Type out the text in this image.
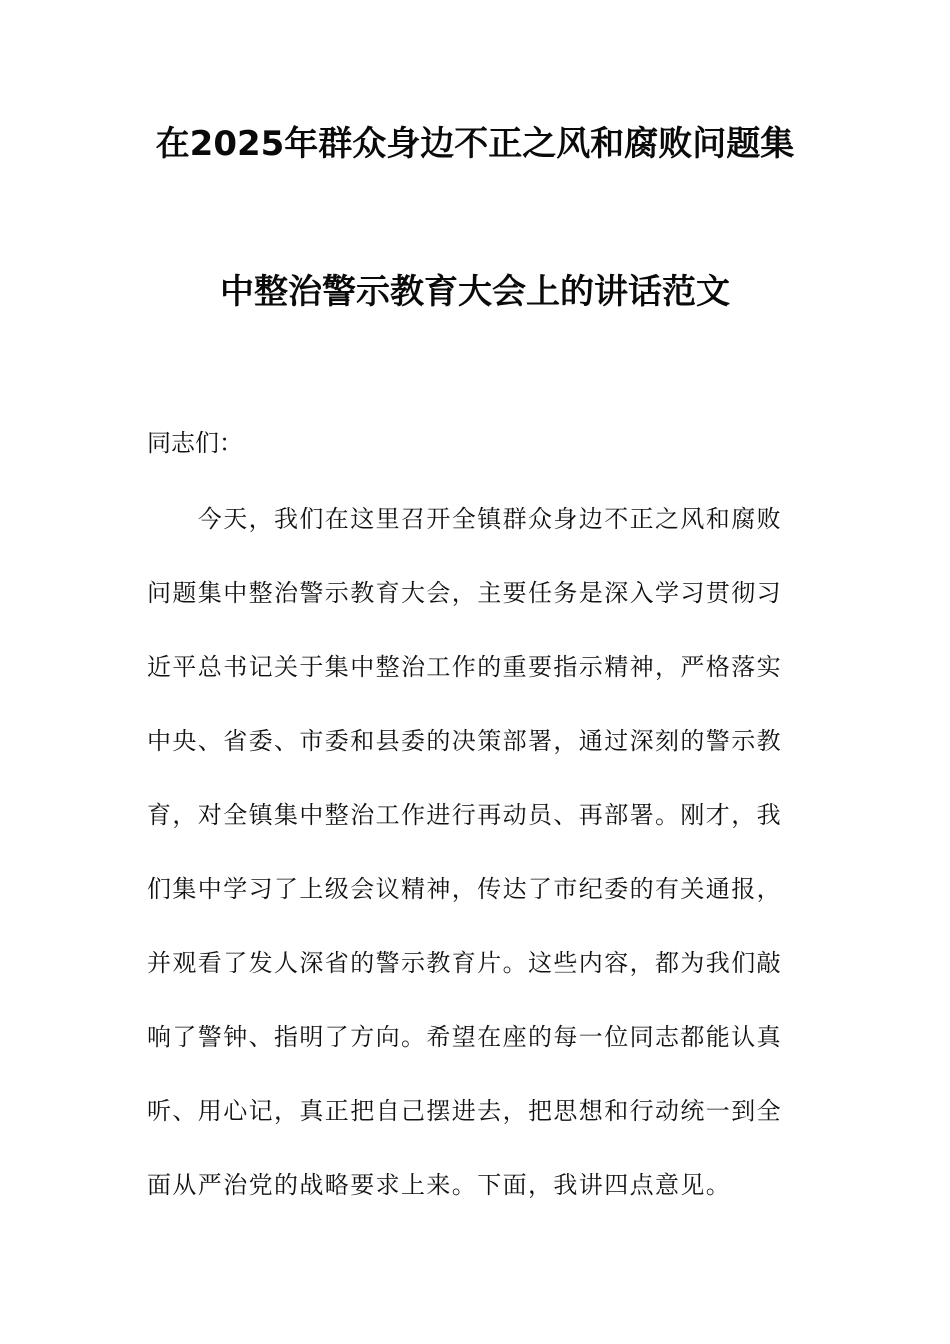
在2025年群众身边不正之风和腐败问题集
中整治警示教育大会上的讲话范文
同志们：
　　今天，我们在这里召开全镇群众身边不正之风和腐败
问题集中整治警示教育大会，主要任务是深入学习贯彻习
近平总书记关于集中整治工作的重要指示精神，严格落实
中央、省委、市委和县委的决策部署，通过深刻的警示教
育，对全镇集中整治工作进行再动员、再部署。刚才，我
们集中学习了上级会议精神，传达了市纪委的有关通报，
并观看了发人深省的警示教育片。这些内容，都为我们敲
响了警钟、指明了方向。希望在座的每一位同志都能认真
听、用心记，真正把自己摆进去，把思想和行动统一到全
面从严治党的战略要求上来。下面，我讲四点意见。
